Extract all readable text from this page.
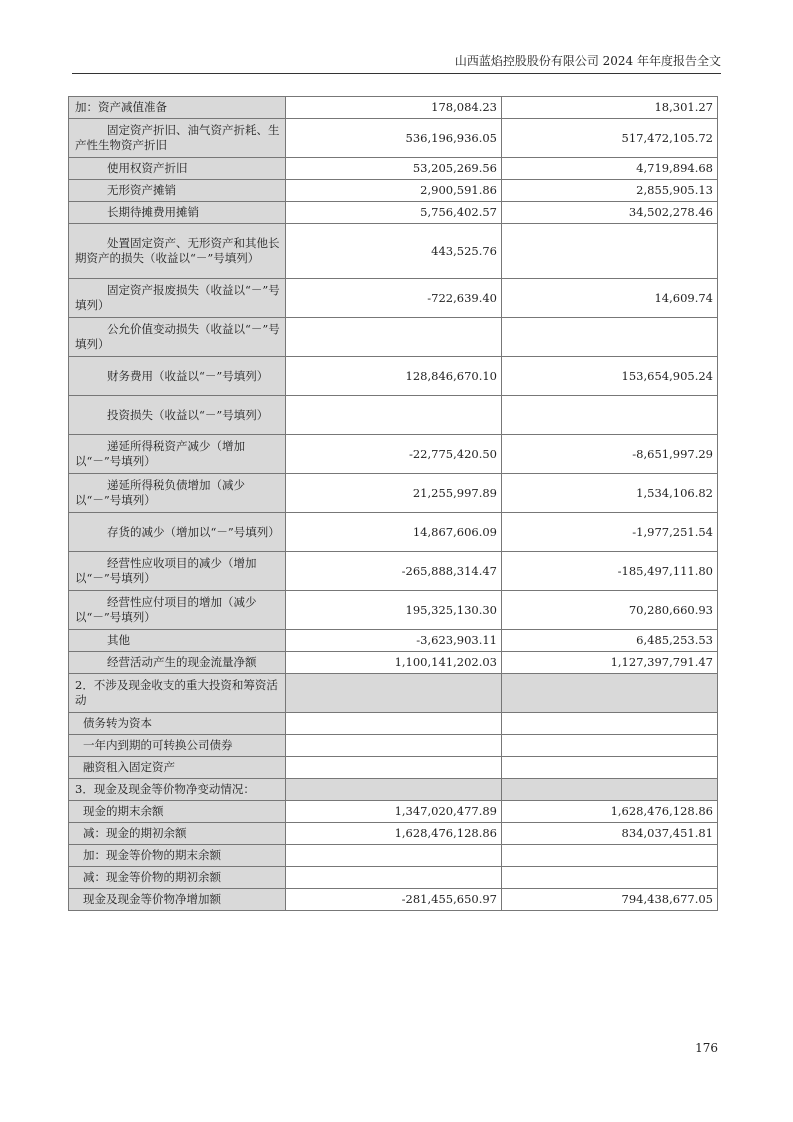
山西蓝焰控股股份有限公司 2024 年年度报告全文
加：资产减值准备	178,084.23	18,301.27
固定资产折旧、油气资产折耗、生产性生物资产折旧	536,196,936.05	517,472,105.72
使用权资产折旧	53,205,269.56	4,719,894.68
无形资产摊销	2,900,591.86	2,855,905.13
长期待摊费用摊销	5,756,402.57	34,502,278.46
处置固定资产、无形资产和其他长期资产的损失（收益以“－”号填列）	443,525.76	
固定资产报废损失（收益以“－”号填列）	-722,639.40	14,609.74
公允价值变动损失（收益以“－”号填列）		
财务费用（收益以“－”号填列）	128,846,670.10	153,654,905.24
投资损失（收益以“－”号填列）		
递延所得税资产减少（增加以“－”号填列）	-22,775,420.50	-8,651,997.29
递延所得税负债增加（减少以“－”号填列）	21,255,997.89	1,534,106.82
存货的减少（增加以“－”号填列）	14,867,606.09	-1,977,251.54
经营性应收项目的减少（增加以“－”号填列）	-265,888,314.47	-185,497,111.80
经营性应付项目的增加（减少以“－”号填列）	195,325,130.30	70,280,660.93
其他	-3,623,903.11	6,485,253.53
经营活动产生的现金流量净额	1,100,141,202.03	1,127,397,791.47
2．不涉及现金收支的重大投资和筹资活动		
债务转为资本		
一年内到期的可转换公司债券		
融资租入固定资产		
3．现金及现金等价物净变动情况：		
现金的期末余额	1,347,020,477.89	1,628,476,128.86
减：现金的期初余额	1,628,476,128.86	834,037,451.81
加：现金等价物的期末余额		
减：现金等价物的期初余额		
现金及现金等价物净增加额	-281,455,650.97	794,438,677.05
176
